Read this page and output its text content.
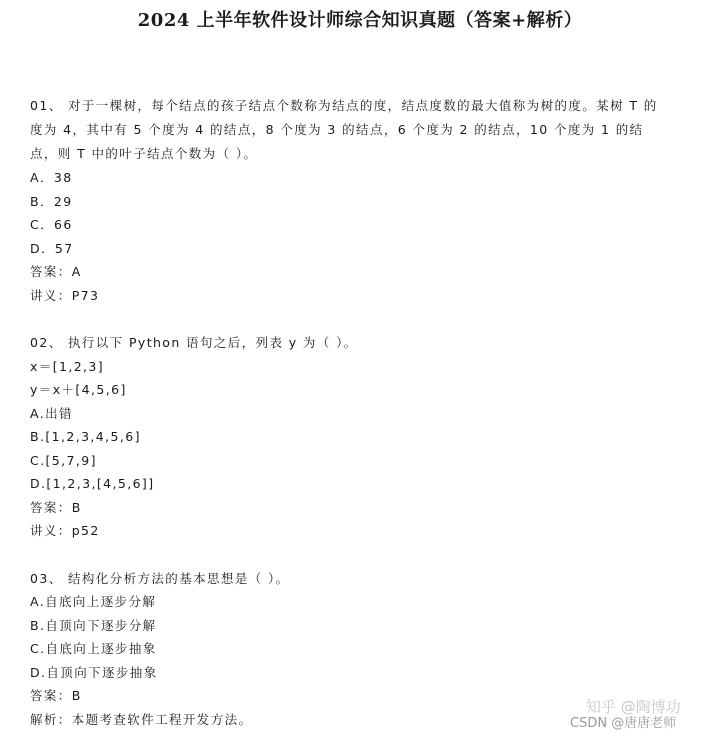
2024 上半年软件设计师综合知识真题（答案+解析）
01、 对于一棵树，每个结点的孩子结点个数称为结点的度，结点度数的最大值称为树的度。某树 T 的度为 4，其中有 5 个度为 4 的结点，8 个度为 3 的结点，6 个度为 2 的结点，10 个度为 1 的结点，则 T 中的叶子结点个数为（ ）。
A．38
B．29
C．66
D．57
答案：A
讲义：P73
02、 执行以下 Python 语句之后，列表 y 为（ ）。
x＝[1,2,3]
y＝x＋[4,5,6]
A.出错
B.[1,2,3,4,5,6]
C.[5,7,9]
D.[1,2,3,[4,5,6]]
答案：B
讲义：p52
03、 结构化分析方法的基本思想是（ ）。
A.自底向上逐步分解
B.自顶向下逐步分解
C.自底向上逐步抽象
D.自顶向下逐步抽象
答案：B
解析：本题考查软件工程开发方法。
知乎 @陶博功
CSDN @唐唐老师
